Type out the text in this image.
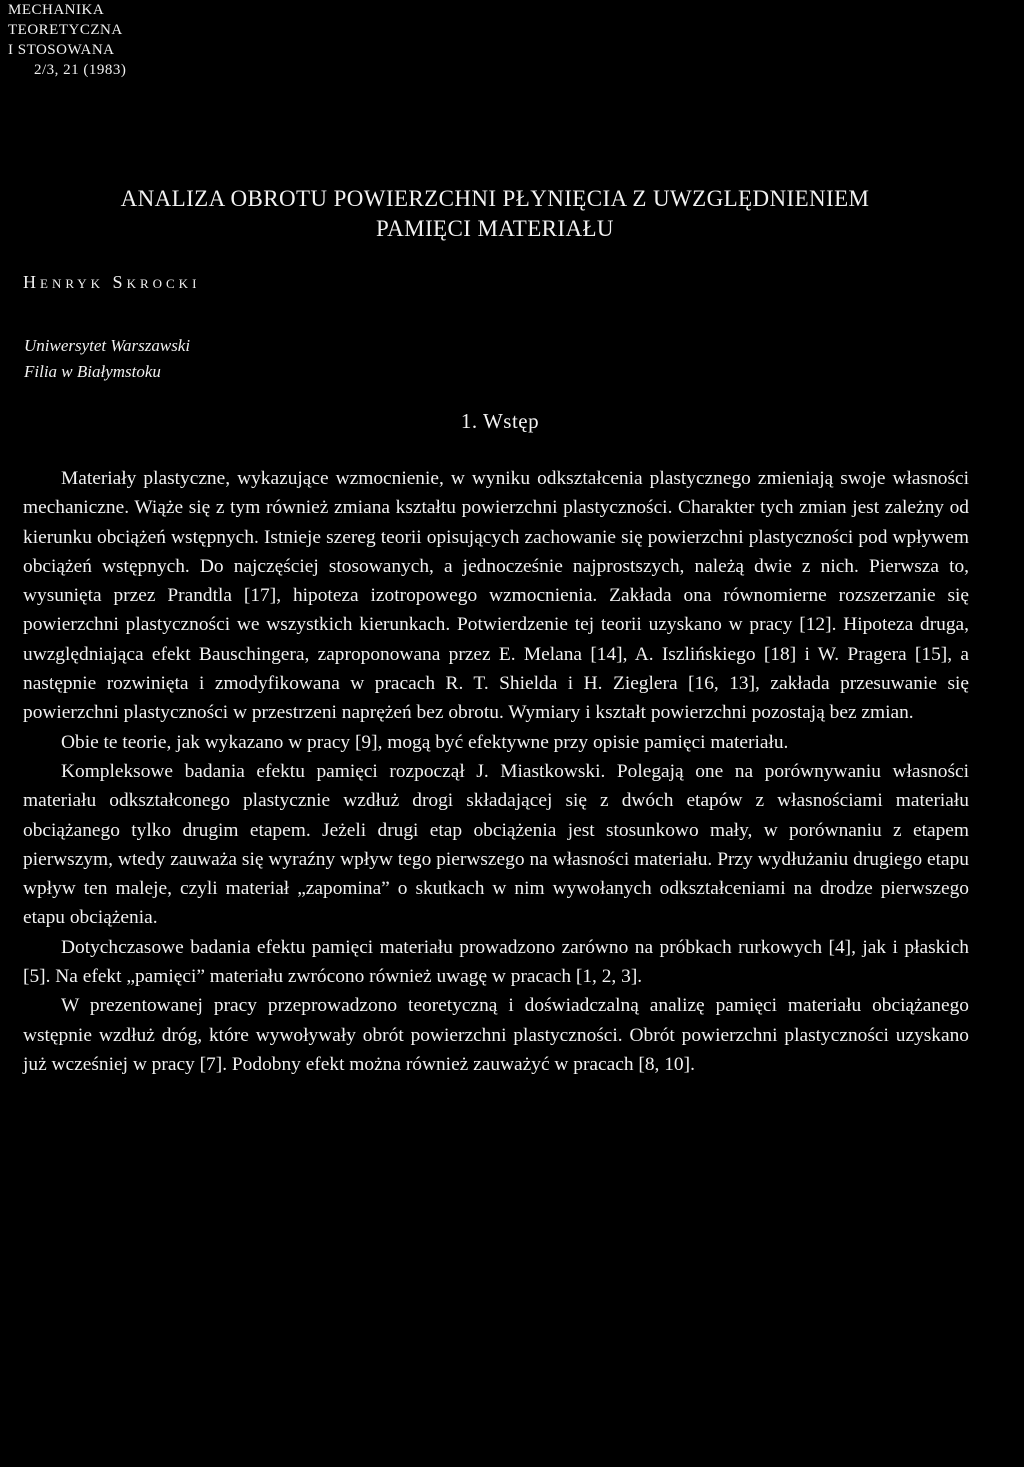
MECHANIKA
TEORETYCZNA
I STOSOWANA
2/3, 21 (1983)
ANALIZA OBROTU POWIERZCHNI PŁYNIĘCIA Z UWZGLĘDNIENIEM
PAMIĘCI MATERIAŁU
Henryk Skrocki
Uniwersytet Warszawski
Filia w Białymstoku
1. Wstęp

Materiały plastyczne, wykazujące wzmocnienie, w wyniku odkształcenia plastycznego zmieniają swoje własności mechaniczne. Wiąże się z tym również zmiana kształtu powierzchni plastyczności. Charakter tych zmian jest zależny od kierunku obciążeń wstępnych. Istnieje szereg teorii opisujących zachowanie się powierzchni plastyczności pod wpływem obciążeń wstępnych. Do najczęściej stosowanych, a jednocześnie najprostszych, należą dwie z nich. Pierwsza to, wysunięta przez Prandtla [17], hipoteza izotropowego wzmocnienia. Zakłada ona równomierne rozszerzanie się powierzchni plastyczności we wszystkich kierunkach. Potwierdzenie tej teorii uzyskano w pracy [12]. Hipoteza druga, uwzględniająca efekt Bauschingera, zaproponowana przez E. Melana [14], A. Iszlińskiego [18] i W. Pragera [15], a następnie rozwinięta i zmodyfikowana w pracach R. T. Shielda i H. Zieglera [16, 13], zakłada przesuwanie się powierzchni plastyczności w przestrzeni naprężeń bez obrotu. Wymiary i kształt powierzchni pozostają bez zmian.

Obie te teorie, jak wykazano w pracy [9], mogą być efektywne przy opisie pamięci materiału.

Kompleksowe badania efektu pamięci rozpoczął J. Miastkowski. Polegają one na porównywaniu własności materiału odkształconego plastycznie wzdłuż drogi składającej się z dwóch etapów z własnościami materiału obciążanego tylko drugim etapem. Jeżeli drugi etap obciążenia jest stosunkowo mały, w porównaniu z etapem pierwszym, wtedy zauważa się wyraźny wpływ tego pierwszego na własności materiału. Przy wydłużaniu drugiego etapu wpływ ten maleje, czyli materiał „zapomina” o skutkach w nim wywołanych odkształceniami na drodze pierwszego etapu obciążenia.

Dotychczasowe badania efektu pamięci materiału prowadzono zarówno na próbkach rurkowych [4], jak i płaskich [5]. Na efekt „pamięci” materiału zwrócono również uwagę w pracach [1, 2, 3].

W prezentowanej pracy przeprowadzono teoretyczną i doświadczalną analizę pamięci materiału obciążanego wstępnie wzdłuż dróg, które wywoływały obrót powierzchni plastyczności. Obrót powierzchni plastyczności uzyskano już wcześniej w pracy [7]. Podobny efekt można również zauważyć w pracach [8, 10].
